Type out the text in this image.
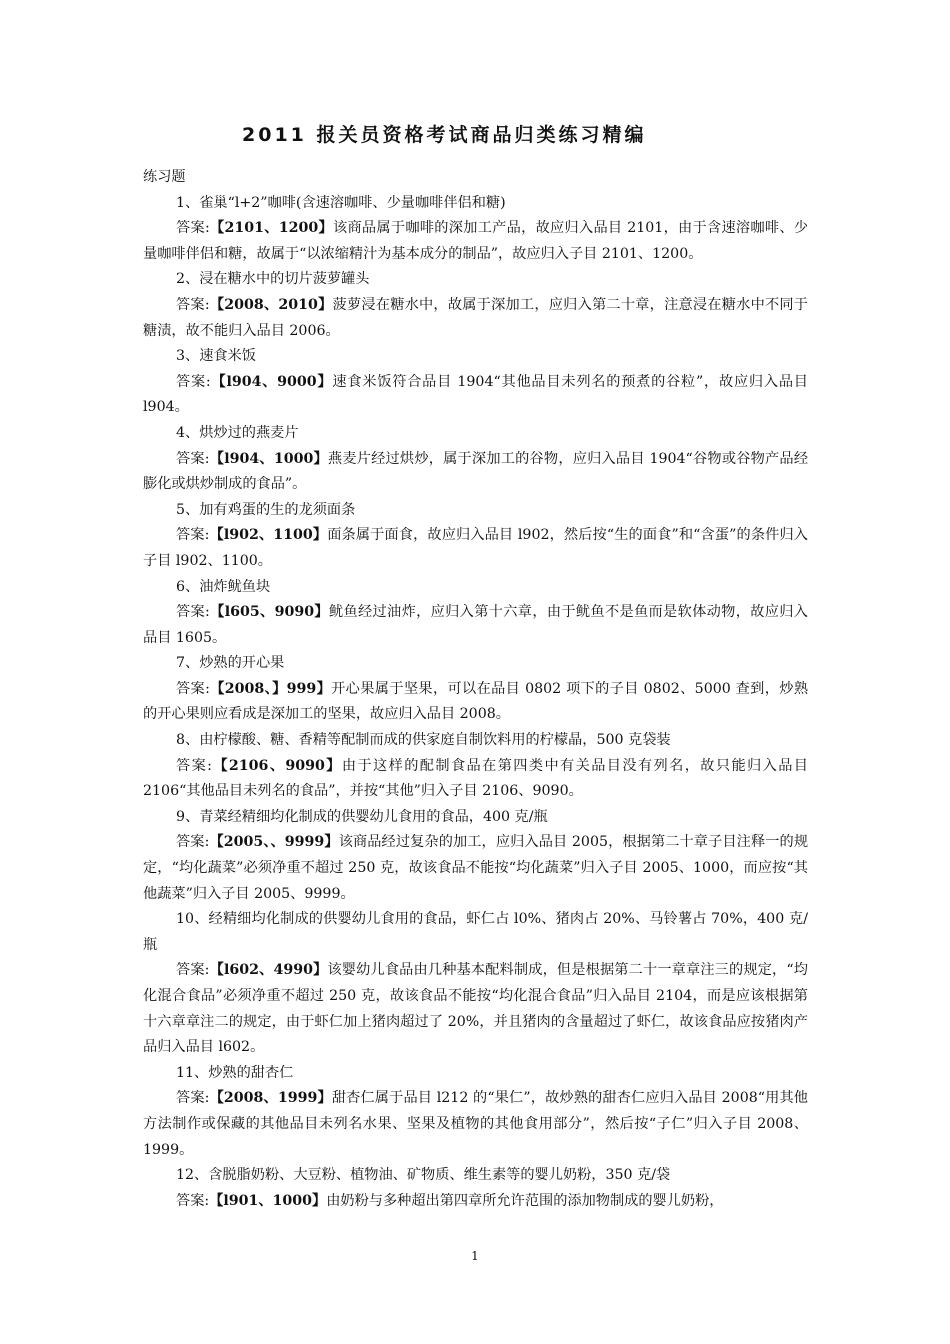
2011 报关员资格考试商品归类练习精编

练习题

1、雀巢“l+2”咖啡(含速溶咖啡、少量咖啡伴侣和糖)

答案:【2101、1200】该商品属于咖啡的深加工产品，故应归入品目 2101，由于含速溶咖啡、少量咖啡伴侣和糖，故属于“以浓缩精汁为基本成分的制品”，故应归入子目 2101、1200。

2、浸在糖水中的切片菠萝罐头

答案:【2008、2010】菠萝浸在糖水中，故属于深加工，应归入第二十章，注意浸在糖水中不同于糖渍，故不能归入品目 2006。

3、速食米饭

答案:【l904、9000】速食米饭符合品目 1904“其他品目未列名的预煮的谷粒”，故应归入品目 l904。

4、烘炒过的燕麦片

答案:【l904、1000】燕麦片经过烘炒，属于深加工的谷物，应归入品目 1904“谷物或谷物产品经膨化或烘炒制成的食品”。

5、加有鸡蛋的生的龙须面条

答案:【l902、1100】面条属于面食，故应归入品目 l902，然后按“生的面食”和“含蛋”的条件归入子目 l902、1100。

6、油炸鱿鱼块

答案:【l605、9090】鱿鱼经过油炸，应归入第十六章，由于鱿鱼不是鱼而是软体动物，故应归入品目 1605。

7、炒熟的开心果

答案:【2008、】999】开心果属于坚果，可以在品目 0802 项下的子目 0802、5000 查到，炒熟的开心果则应看成是深加工的坚果，故应归入品目 2008。

8、由柠檬酸、糖、香精等配制而成的供家庭自制饮料用的柠檬晶，500 克袋装

答案:【2106、9090】由于这样的配制食品在第四类中有关品目没有列名，故只能归入品目 2106“其他品目未列名的食品”，并按“其他”归入子目 2106、9090。

9、青菜经精细均化制成的供婴幼儿食用的食品，400 克/瓶

答案:【2005、、9999】该商品经过复杂的加工，应归入品目 2005，根据第二十章子目注释一的规定，“均化蔬菜”必须净重不超过 250 克，故该食品不能按“均化蔬菜”归入子目 2005、1000，而应按“其他蔬菜”归入子目 2005、9999。

10、经精细均化制成的供婴幼儿食用的食品，虾仁占 l0%、猪肉占 20%、马铃薯占 70%，400 克/瓶

答案:【l602、4990】该婴幼儿食品由几种基本配料制成，但是根据第二十一章章注三的规定，“均化混合食品”必须净重不超过 250 克，故该食品不能按“均化混合食品”归入品目 2104，而是应该根据第十六章章注二的规定，由于虾仁加上猪肉超过了 20%，并且猪肉的含量超过了虾仁，故该食品应按猪肉产品归入品目 l602。

11、炒熟的甜杏仁

答案:【2008、1999】甜杏仁属于品目 l212 的“果仁”，故炒熟的甜杏仁应归入品目 2008“用其他方法制作或保藏的其他品目未列名水果、坚果及植物的其他食用部分”，然后按“子仁”归入子目 2008、1999。

12、含脱脂奶粉、大豆粉、植物油、矿物质、维生素等的婴儿奶粉，350 克/袋

答案:【l901、1000】由奶粉与多种超出第四章所允许范围的添加物制成的婴儿奶粉，

1
